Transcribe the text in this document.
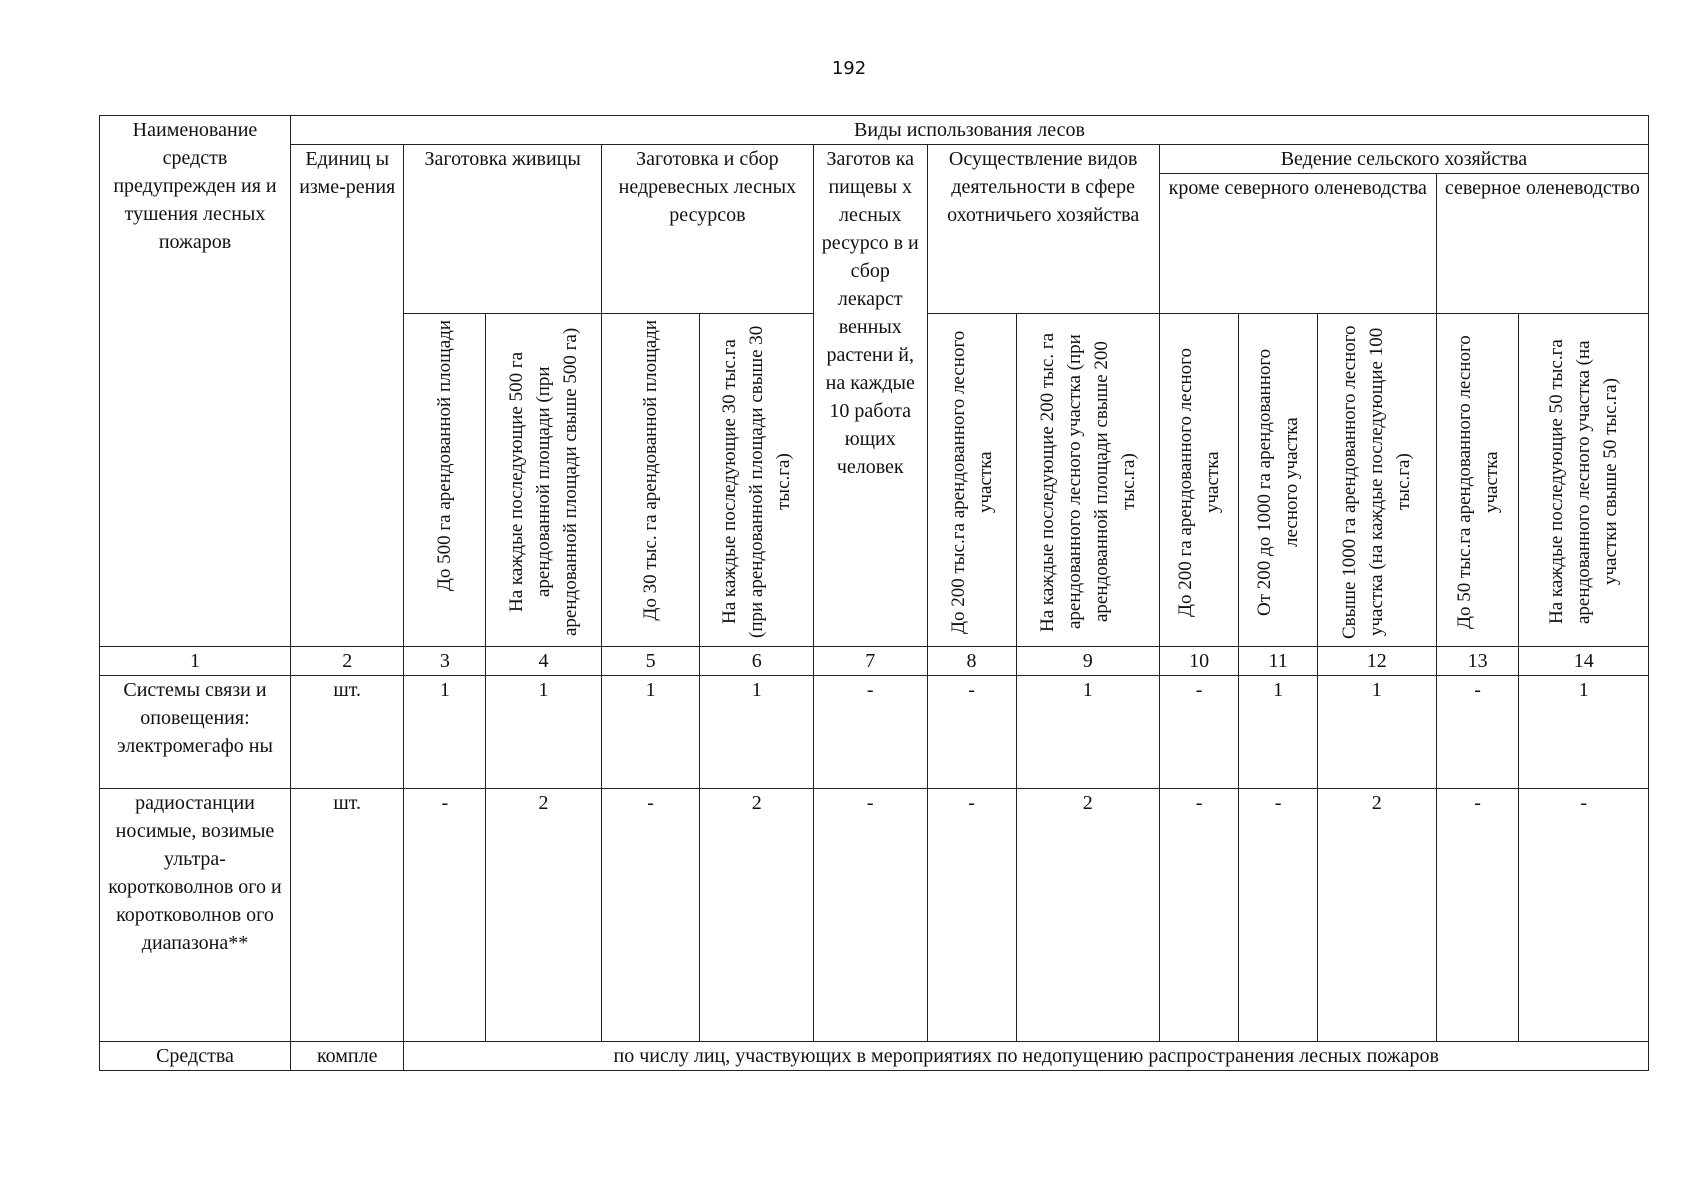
192
Наименование средств предупрежден ия и тушения лесных пожаров	Виды использования лесов												
	Единиц ы изме-рения	Заготовка живицы		Заготовка и сбор недревесных лесных ресурсов		Заготов ка пищевы х лесных ресурсо в и сбор лекарст венных растени й, на каждые 10 работа ющих человек	Осуществление видов деятельности в сфере охотничьего хозяйства		Ведение сельского хозяйства				
									кроме северного оленеводства			северное оленеводство	

		До 500 га арендованной площади	На каждые последующие 500 га арендованной площади (при арендованной площади свыше 500 га)	До 30 тыс. га арендованной площади	На каждые последующие 30 тыс.га (при арендованной площади свыше 30 тыс.га)		До 200 тыс.га арендованного лесного участка	На каждые последующие 200 тыс. га арендованного лесного участка (при арендованной площади свыше 200 тыс.га)	До 200 га арендованного лесного участка	От 200 до 1000 га арендованного лесного участка	Свыше 1000 га арендованного лесного участка (на каждые последующие 100 тыс.га)	До 50 тыс.га арендованного лесного участка	На каждые последующие 50 тыс.га арендованного лесного участка (на участки свыше 50 тыс.га)

1	2	3	4	5	6	7	8	9	10	11	12	13	14
Системы связи и оповещения: электромегафо ны	шт.	1	1	1	1	-	-	1	-	1	1	-	1
радиостанции носимые, возимые ультра-коротковолнов ого и коротковолнов ого диапазона**	шт.	-	2	-	2	-	-	2	-	-	2	-	-
Средства	компле	по числу лиц, участвующих в мероприятиях по недопущению распространения лесных пожаров											
